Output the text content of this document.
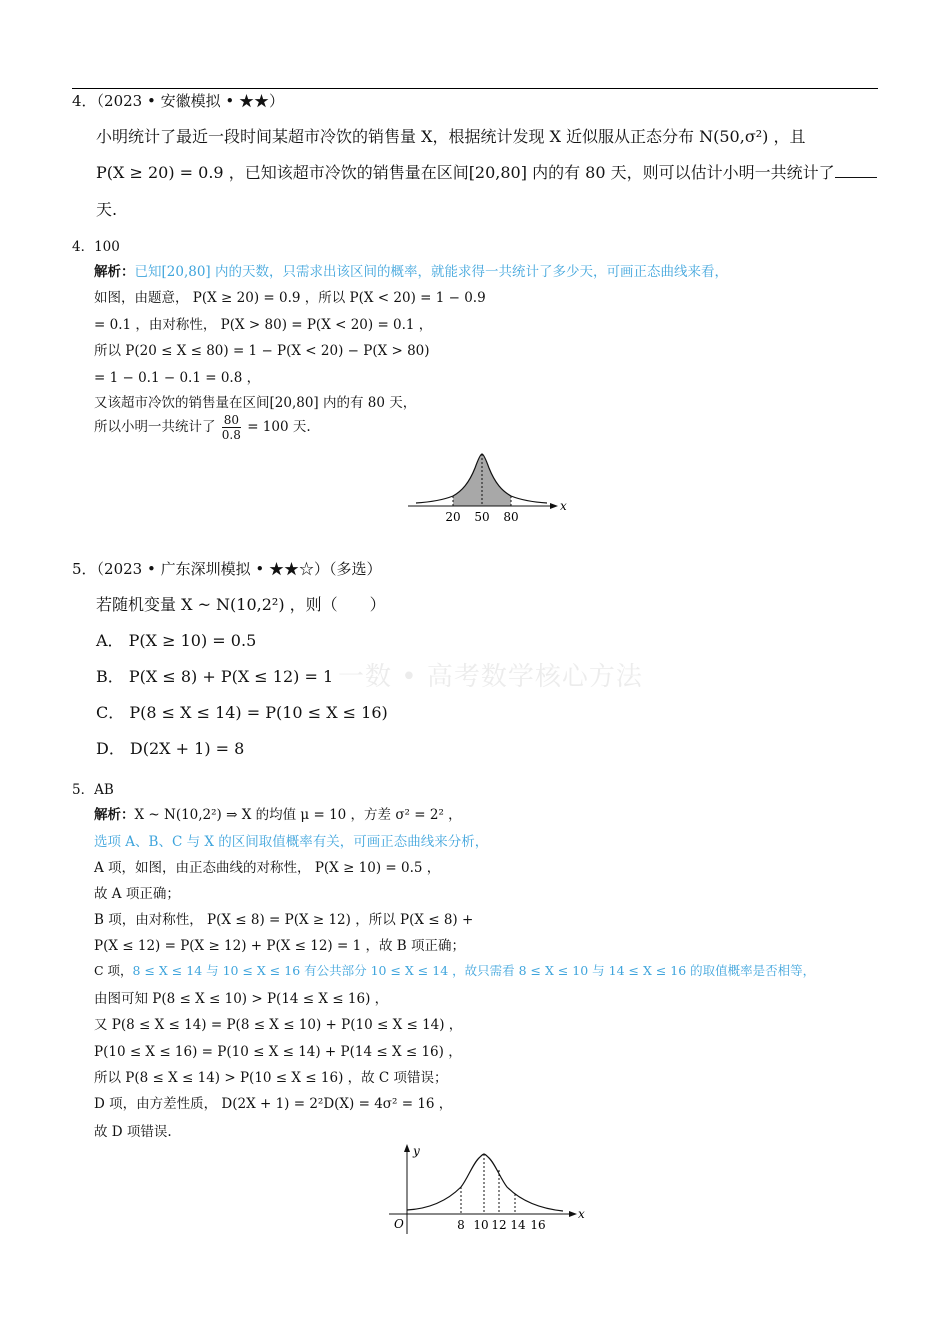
4．（2023 • 安徽模拟 • ★★）
小明统计了最近一段时间某超市冷饮的销售量 X，根据统计发现 X 近似服从正态分布 N(50,σ²) ，且
P(X ≥ 20) = 0.9 ，已知该超市冷饮的销售量在区间[20,80] 内的有 80 天，则可以估计小明一共统计了
天.
4．100
解析：已知[20,80] 内的天数，只需求出该区间的概率，就能求得一共统计了多少天，可画正态曲线来看，
如图，由题意， P(X ≥ 20) = 0.9 ，所以 P(X < 20) = 1 − 0.9
= 0.1 ，由对称性， P(X > 80) = P(X < 20) = 0.1 ，
所以 P(20 ≤ X ≤ 80) = 1 − P(X < 20) − P(X > 80)
= 1 − 0.1 − 0.1 = 0.8 ，
又该超市冷饮的销售量在区间[20,80] 内的有 80 天，
所以小明一共统计了 $\frac{80}{0.8} = 100$ 天.
x
20 50 80
5．（2023 • 广东深圳模拟 • ★★☆）（多选）
若随机变量 X ~ N(10,2²) ，则（　　）
A． P(X ≥ 10) = 0.5
B． P(X ≤ 8) + P(X ≤ 12) = 1
C． P(8 ≤ X ≤ 14) = P(10 ≤ X ≤ 16)
D． D(2X + 1) = 8
一数 • 高考数学核心方法
5．AB
解析：X ~ N(10,2²) ⇒ X 的均值 μ = 10 ，方差 σ² = 2² ，
选项 A、B、C 与 X 的区间取值概率有关，可画正态曲线来分析，
A 项，如图，由正态曲线的对称性， P(X ≥ 10) = 0.5 ，
故 A 项正确；
B 项，由对称性， P(X ≤ 8) = P(X ≥ 12) ，所以 P(X ≤ 8) +
P(X ≤ 12) = P(X ≥ 12) + P(X ≤ 12) = 1 ，故 B 项正确；
C 项，8 ≤ X ≤ 14 与 10 ≤ X ≤ 16 有公共部分 10 ≤ X ≤ 14 ，故只需看 8 ≤ X ≤ 10 与 14 ≤ X ≤ 16 的取值概率是否相等，
由图可知 P(8 ≤ X ≤ 10) > P(14 ≤ X ≤ 16) ，
又 P(8 ≤ X ≤ 14) = P(8 ≤ X ≤ 10) + P(10 ≤ X ≤ 14) ，
P(10 ≤ X ≤ 16) = P(10 ≤ X ≤ 14) + P(14 ≤ X ≤ 16) ，
所以 P(8 ≤ X ≤ 14) > P(10 ≤ X ≤ 16) ，故 C 项错误；
D 项，由方差性质， D(2X + 1) = 2²D(X) = 4σ² = 16 ，
故 D 项错误.
y
x
O	8 10 12 14 16
